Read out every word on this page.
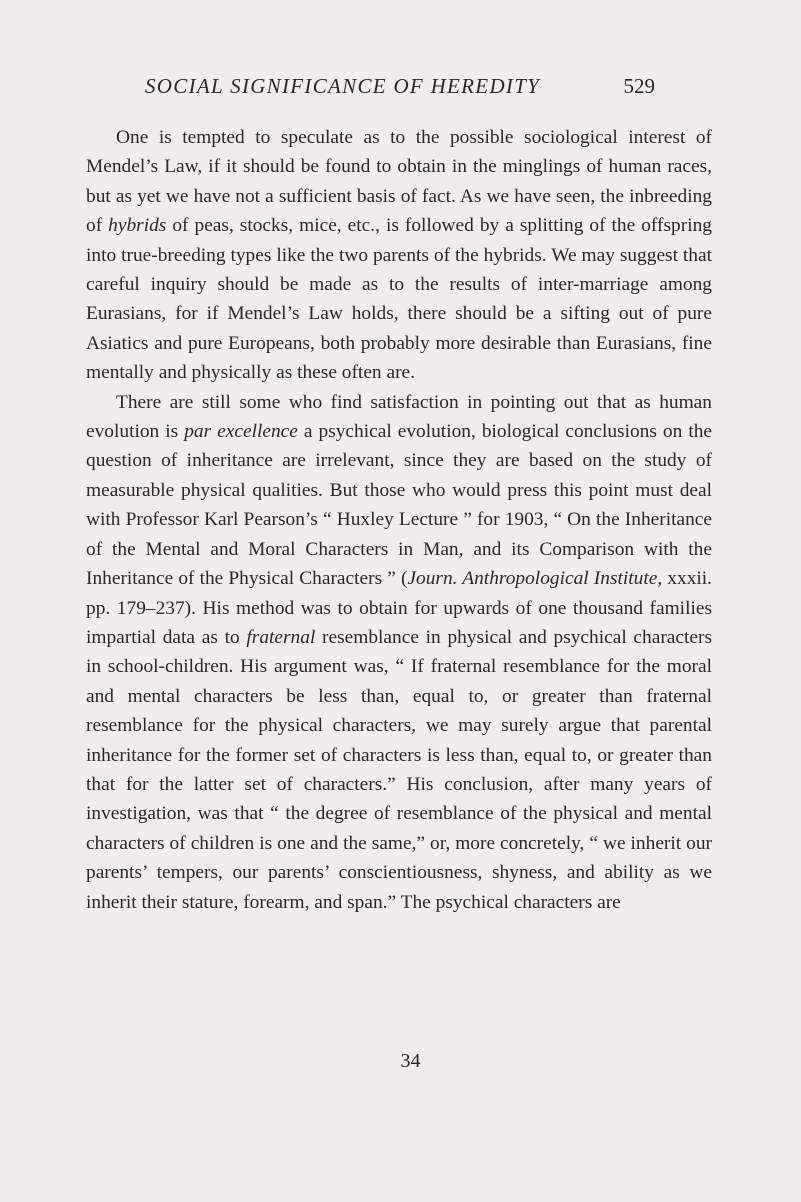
SOCIAL SIGNIFICANCE OF HEREDITY	529

One is tempted to speculate as to the possible sociological interest of Mendel’s Law, if it should be found to obtain in the minglings of human races, but as yet we have not a sufficient basis of fact. As we have seen, the inbreeding of hybrids of peas, stocks, mice, etc., is followed by a splitting of the offspring into true-breeding types like the two parents of the hybrids. We may suggest that careful inquiry should be made as to the results of inter-marriage among Eurasians, for if Mendel’s Law holds, there should be a sifting out of pure Asiatics and pure Europeans, both probably more desirable than Eurasians, fine mentally and physically as these often are.

There are still some who find satisfaction in pointing out that as human evolution is par excellence a psychical evolution, biological conclusions on the question of inheritance are irrelevant, since they are based on the study of measurable physical qualities. But those who would press this point must deal with Professor Karl Pearson’s “ Huxley Lecture ” for 1903, “ On the Inheritance of the Mental and Moral Characters in Man, and its Comparison with the Inheritance of the Physical Characters ” (Journ. Anthropological Institute, xxxii. pp. 179–237). His method was to obtain for upwards of one thousand families impartial data as to fraternal resemblance in physical and psychical characters in school-children. His argument was, “ If fraternal resemblance for the moral and mental characters be less than, equal to, or greater than fraternal resemblance for the physical characters, we may surely argue that parental inheritance for the former set of characters is less than, equal to, or greater than that for the latter set of characters.” His conclusion, after many years of investigation, was that “ the degree of resemblance of the physical and mental characters of children is one and the same,” or, more concretely, “ we inherit our parents’ tempers, our parents’ conscientiousness, shyness, and ability as we inherit their stature, forearm, and span.” The psychical characters are

34
